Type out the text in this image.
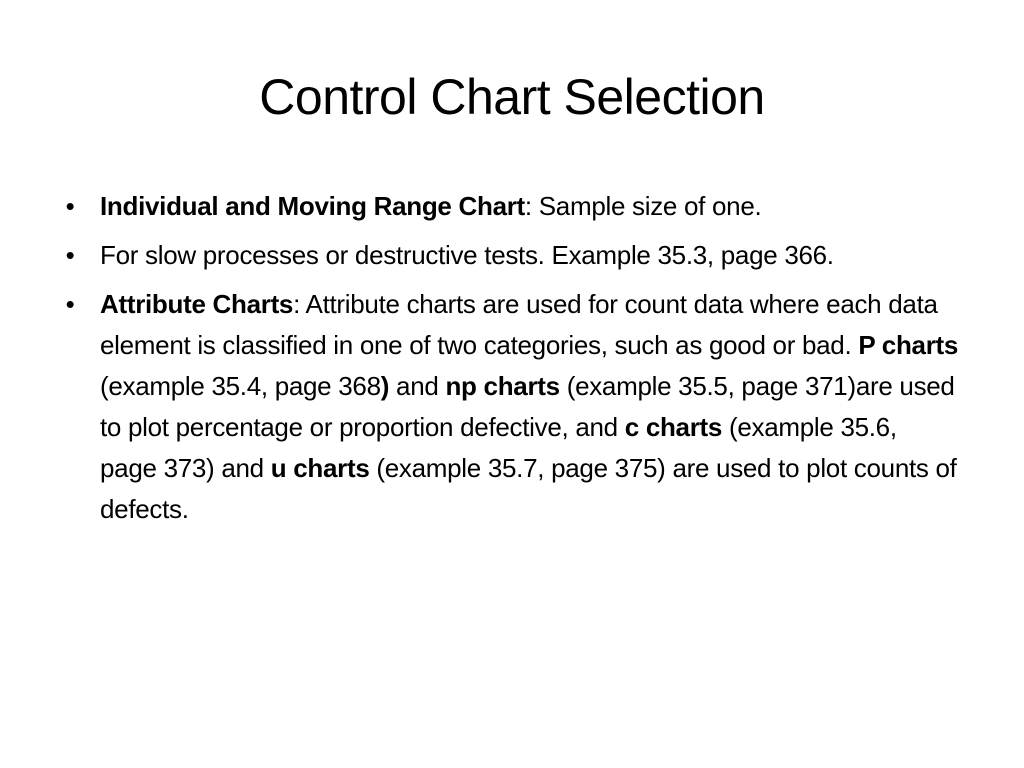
Control Chart Selection
• Individual and Moving Range Chart: Sample size of one.
• For slow processes or destructive tests. Example 35.3, page 366.
• Attribute Charts: Attribute charts are used for count data where each data element is classified in one of two categories, such as good or bad. P charts (example 35.4, page 368) and np charts (example 35.5, page 371)are used to plot percentage or proportion defective, and c charts (example 35.6, page 373) and u charts (example 35.7, page 375) are used to plot counts of defects.
